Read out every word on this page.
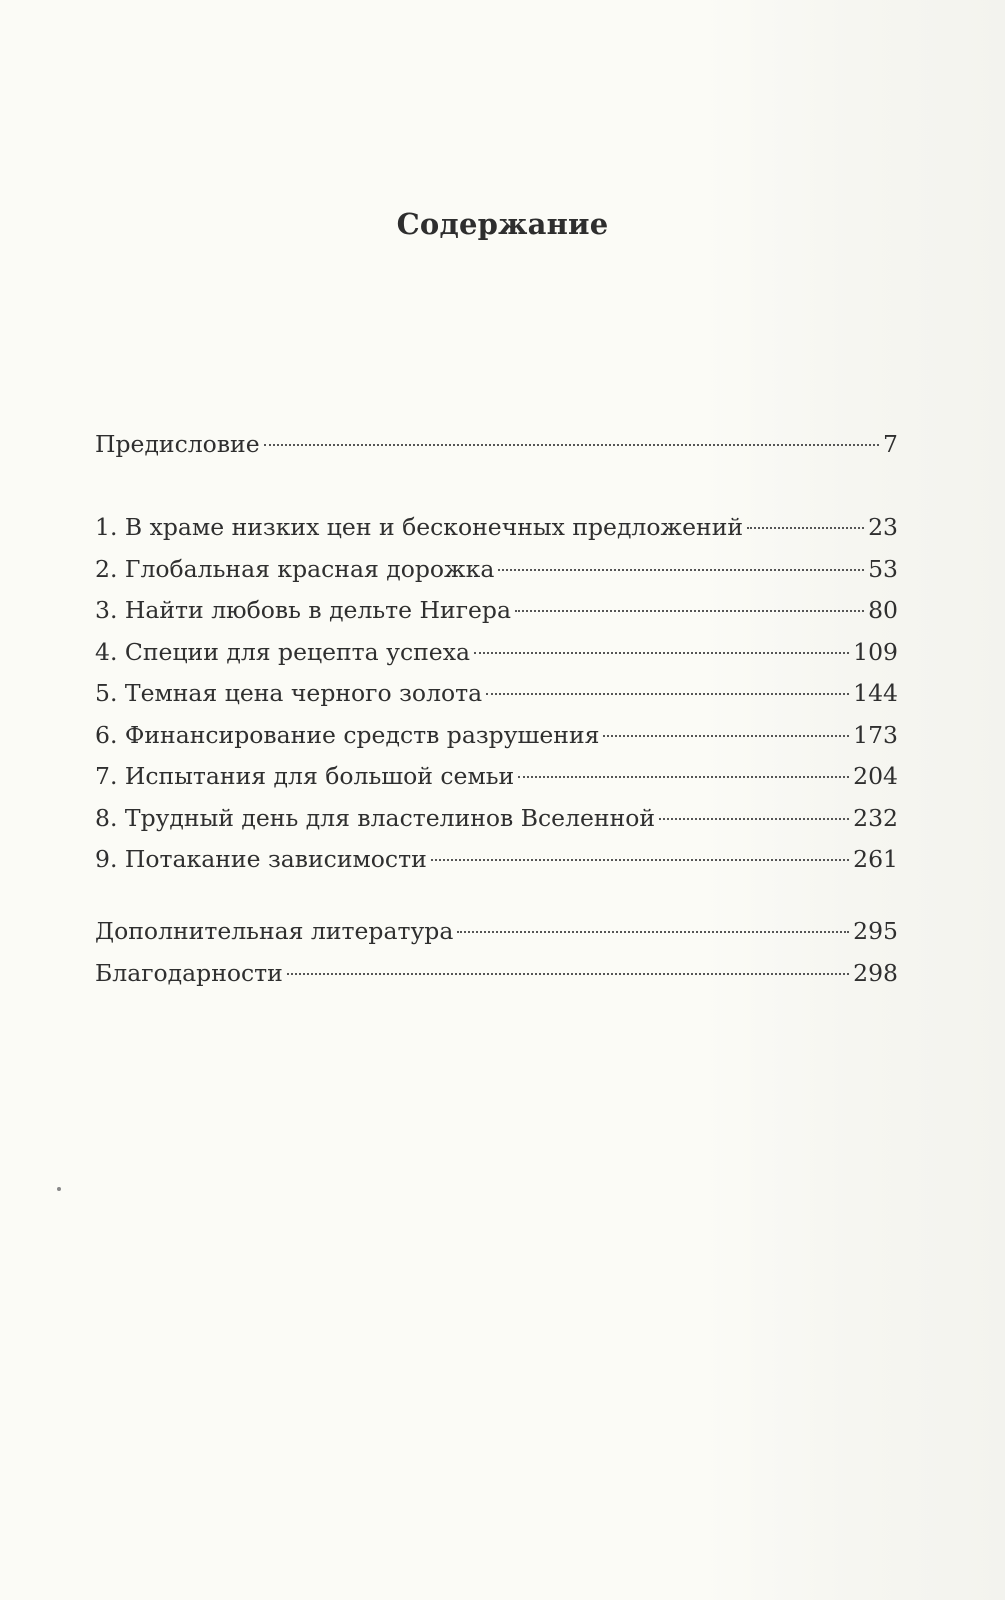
Содержание
Предисловие	7
1. В храме низких цен и бесконечных предложений	23
2. Глобальная красная дорожка	53
3. Найти любовь в дельте Нигера	80
4. Специи для рецепта успеха	109
5. Темная цена черного золота	144
6. Финансирование средств разрушения	173
7. Испытания для большой семьи	204
8. Трудный день для властелинов Вселенной	232
9. Потакание зависимости	261
Дополнительная литература	295
Благодарности	298
